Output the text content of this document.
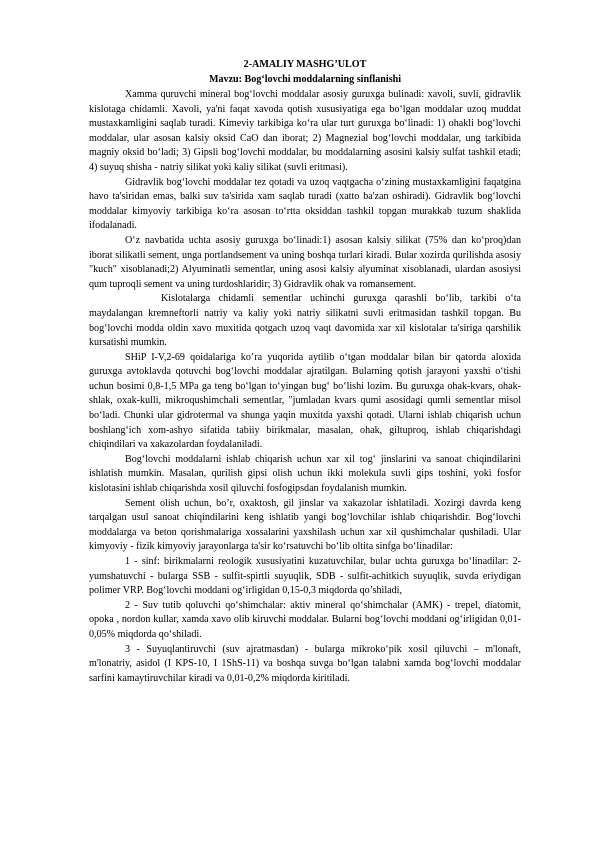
2-AMALIY MASHG’ULOT
Mavzu: Bog‘lovchi moddalarning sinflanishi

Xamma quruvchi mineral bog‘lovchi moddalar asosiy guruxga bulinadi: xavoli, suvli, gidravlik kislotaga chidamli. Xavoli, ya'ni faqat xavoda qotish xususiyatiga ega bo‘lgan moddalar uzoq muddat mustaxkamligini saqlab turadi. Kimeviy tarkibiga ko‘ra ular turt guruxga bo‘linadi: 1) ohakli bog‘lovchi moddalar, ular asosan kalsiy oksid CaO dan iborat; 2) Magnezial bog‘lovchi moddalar, ung tarkibida magniy oksid bo‘ladi; 3) Gipsli bog‘lovchi moddalar, bu moddalarning asosini kalsiy sulfat tashkil etadi; 4) suyuq shisha - natriy silikat yoki kaliy silikat (suvli eritmasi).

Gidravlik bog‘lovchi moddalar tez qotadi va uzoq vaqtgacha o‘zining mustaxkamligini faqatgina havo ta'siridan emas, balki suv ta'sirida xam saqlab turadi (xatto ba'zan oshiradi). Gidravlik bog‘lovchi moddalar kimyoviy tarkibiga ko‘ra asosan to‘rtta oksiddan tashkil topgan murakkab tuzum shaklida ifodalanadi.

O‘z navbatida uchta asosiy guruxga bo‘linadi:1) asosan kalsiy silikat (75% dan ko‘proq)dan iborat silikatli sement, unga portlandsement va uning boshqa turlari kiradi. Bular xozirda qurilishda asosiy "kuch" xisoblanadi;2) Alyuminatli sementlar, uning asosi kalsiy alyuminat xisoblanadi, ulardan asosiysi qum tuproqli sement va uning turdoshlaridir; 3) Gidravlik ohak va romansement.

Kislotalarga chidamli sementlar uchinchi guruxga qarashli bo‘lib, tarkibi o‘ta maydalangan kremneftorli natriy va kaliy yoki natriy silikatni suvli eritmasidan tashkil topgan. Bu bog‘lovchi modda oldin xavo muxitida qotgach uzoq vaqt davomida xar xil kislotalar ta'siriga qarshilik kursatishi mumkin.

SHiP I-V,2-69 qoidalariga ko’ra yuqorida aytilib o‘tgan moddalar bilan bir qatorda aloxida guruxga avtoklavda qotuvchi bog‘lovchi moddalar ajratilgan. Bularning qotish jarayoni yaxshi o‘tishi uchun bosimi 0,8-1,5 MPa ga teng bo‘lgan to‘yingan bug‘ bo‘lishi lozim. Bu guruxga ohak-kvars, ohak-shlak, oxak-kulli, mikroqushimchali sementlar, "jumladan kvars qumi asosidagi qumli sementlar misol bo‘ladi. Chunki ular gidrotermal va shunga yaqin muxitda yaxshi qotadi. Ularni ishlab chiqarish uchun boshlang‘ich xom-ashyo sifatida tabiiy birikmalar, masalan, ohak, giltuproq, ishlab chiqarishdagi chiqindilari va xakazolardan foydalaniladi.

Bog‘lovchi moddalarni ishlab chiqarish uchun xar xil tog‘ jinslarini va sanoat chiqindilarini ishlatish mumkin. Masalan, qurilish gipsi olish uchun ikki molekula suvli gips toshini, yoki fosfor kislotasini ishlab chiqarishda xosil qiluvchi fosfogipsdan foydalanish mumkin.

Sement olish uchun, bo’r, oxaktosh, gil jinslar va xakazolar ishlatiladi. Xozirgi davrda keng tarqalgan usul sanoat chiqindilarini keng ishlatib yangi bog‘lovchilar ishlab chiqarishdir. Bog‘lovchi moddalarga va beton qorishmalariga xossalarini yaxshilash uchun xar xil qushimchalar qushiladi. Ular kimyoviy - fizik kimyoviy jarayonlarga ta'sir ko‘rsatuvchi bo‘lib oltita sinfga bo‘linadilar:

1 - sinf: birikmalarni reologik xususiyatini kuzatuvchilar, bular uchta guruxga bo‘linadilar: 2- yumshatuvchi - bularga SSB - sulfit-spirtli suyuqlik, SDB - sulfit-achitkich suyuqlik, suvda eriydigan polimer VRP. Bog‘lovchi moddani og‘irligidan 0,15-0,3 miqdorda qo’shiladi,

2 - Suv tutib qoluvchi qo‘shimchalar: aktiv mineral qo‘shimchalar (AMK) - trepel, diatomit, opoka , nordon kullar, xamda xavo olib kiruvchi moddalar. Bularni bog‘lovchi moddani og‘irligidan 0,01-0,05% miqdorda qo‘shiladi.

3 - Suyuqlantiruvchi (suv ajratmasdan) - bularga mikroko‘pik xosil qiluvchi – m'lonaft, m'lonatriy, asidol (I KPS-10, I 1ShS-11) va boshqa suvga bo‘lgan talabni xamda bog‘lovchi moddalar sarfini kamaytiruvchilar kiradi va 0,01-0,2% miqdorda kiritiladi.
